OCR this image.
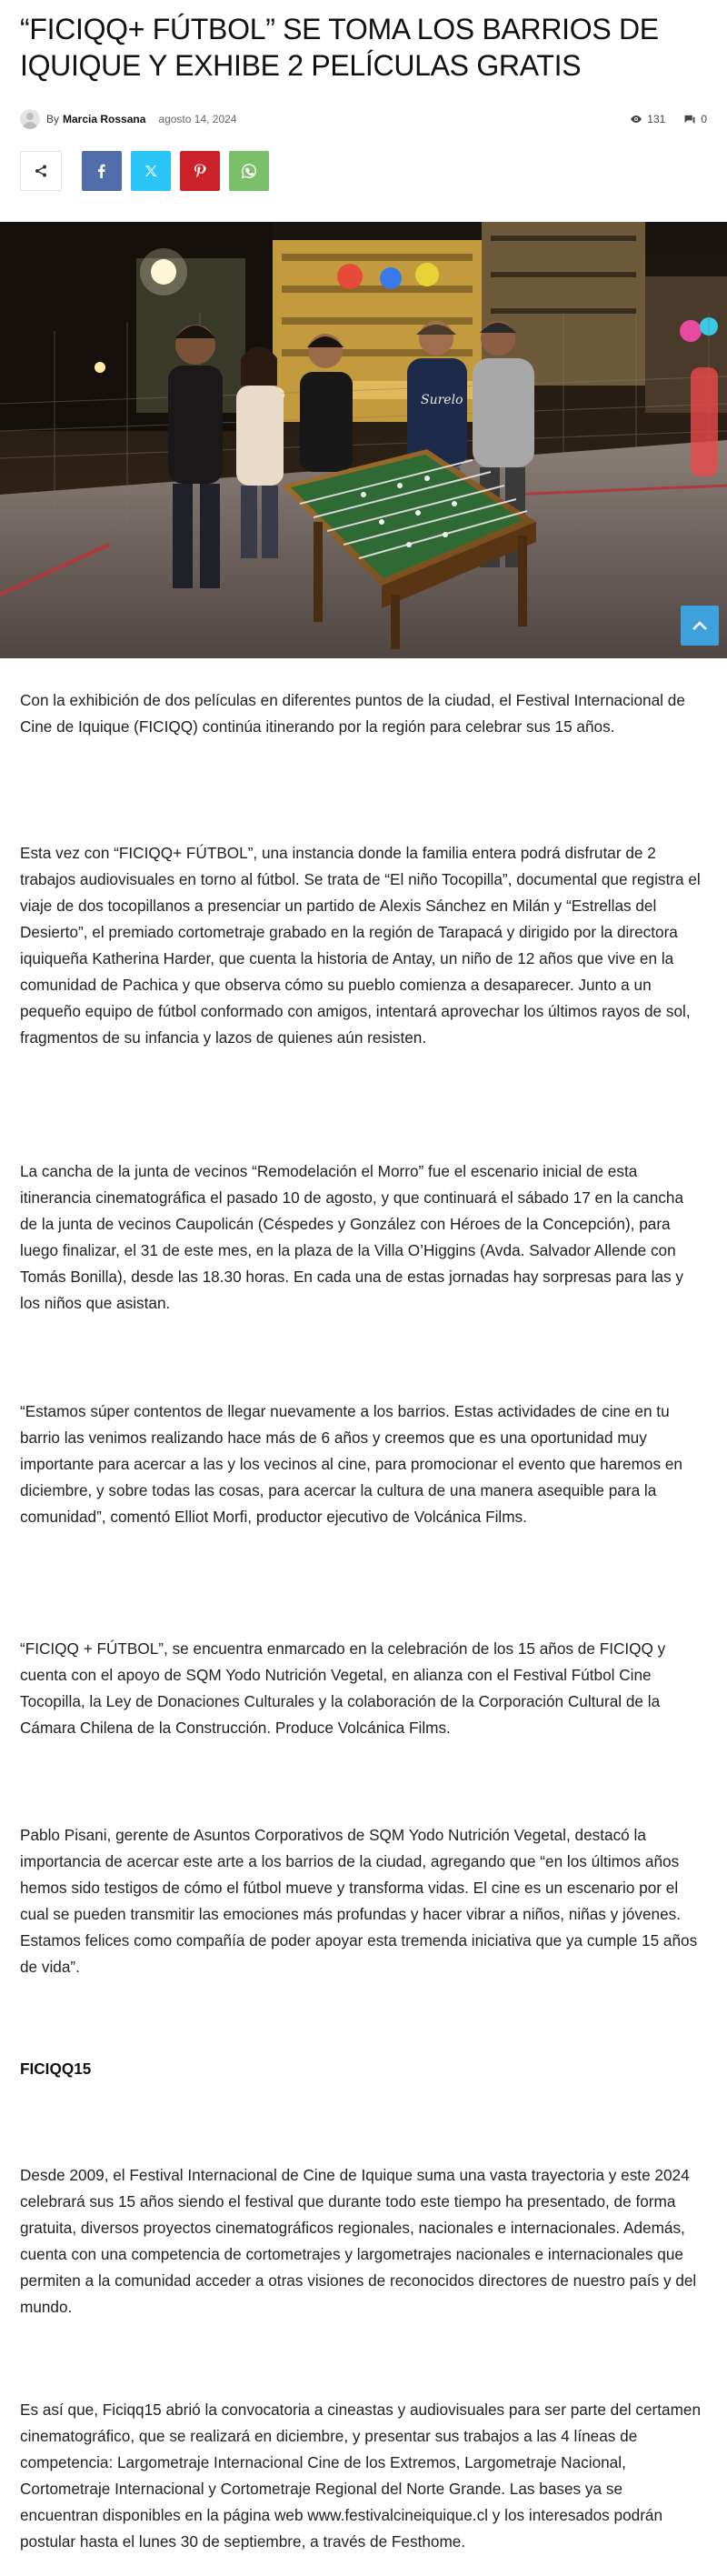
“FICIQQ+ FÚTBOL” SE TOMA LOS BARRIOS DE IQUIQUE Y EXHIBE 2 PELÍCULAS GRATIS
By Marcia Rossana agosto 14, 2024	131	0
Surelo

Con la exhibición de dos películas en diferentes puntos de la ciudad, el Festival Internacional de Cine de Iquique (FICIQQ) continúa itinerando por la región para celebrar sus 15 años.

Esta vez con “FICIQQ+ FÚTBOL”, una instancia donde la familia entera podrá disfrutar de 2 trabajos audiovisuales en torno al fútbol. Se trata de “El niño Tocopilla”, documental que registra el viaje de dos tocopillanos a presenciar un partido de Alexis Sánchez en Milán y “Estrellas del Desierto”, el premiado cortometraje grabado en la región de Tarapacá y dirigido por la directora iquiqueña Katherina Harder, que cuenta la historia de Antay, un niño de 12 años que vive en la comunidad de Pachica y que observa cómo su pueblo comienza a desaparecer. Junto a un pequeño equipo de fútbol conformado con amigos, intentará aprovechar los últimos rayos de sol, fragmentos de su infancia y lazos de quienes aún resisten.

La cancha de la junta de vecinos “Remodelación el Morro” fue el escenario inicial de esta itinerancia cinematográfica el pasado 10 de agosto, y que continuará el sábado 17 en la cancha de la junta de vecinos Caupolicán (Céspedes y González con Héroes de la Concepción), para luego finalizar, el 31 de este mes, en la plaza de la Villa O’Higgins (Avda. Salvador Allende con Tomás Bonilla), desde las 18.30 horas. En cada una de estas jornadas hay sorpresas para las y los niños que asistan.

“Estamos súper contentos de llegar nuevamente a los barrios. Estas actividades de cine en tu barrio las venimos realizando hace más de 6 años y creemos que es una oportunidad muy importante para acercar a las y los vecinos al cine, para promocionar el evento que haremos en diciembre, y sobre todas las cosas, para acercar la cultura de una manera asequible para la comunidad”, comentó Elliot Morfi, productor ejecutivo de Volcánica Films.

“FICIQQ + FÚTBOL”, se encuentra enmarcado en la celebración de los 15 años de FICIQQ y cuenta con el apoyo de SQM Yodo Nutrición Vegetal, en alianza con el Festival Fútbol Cine Tocopilla, la Ley de Donaciones Culturales y la colaboración de la Corporación Cultural de la Cámara Chilena de la Construcción. Produce Volcánica Films.

Pablo Pisani, gerente de Asuntos Corporativos de SQM Yodo Nutrición Vegetal, destacó la importancia de acercar este arte a los barrios de la ciudad, agregando que “en los últimos años hemos sido testigos de cómo el fútbol mueve y transforma vidas. El cine es un escenario por el cual se pueden transmitir las emociones más profundas y hacer vibrar a niños, niñas y jóvenes. Estamos felices como compañía de poder apoyar esta tremenda iniciativa que ya cumple 15 años de vida”.

FICIQQ15

Desde 2009, el Festival Internacional de Cine de Iquique suma una vasta trayectoria y este 2024 celebrará sus 15 años siendo el festival que durante todo este tiempo ha presentado, de forma gratuita, diversos proyectos cinematográficos regionales, nacionales e internacionales. Además, cuenta con una competencia de cortometrajes y largometrajes nacionales e internacionales que permiten a la comunidad acceder a otras visiones de reconocidos directores de nuestro país y del mundo.

Es así que, Ficiqq15 abrió la convocatoria a cineastas y audiovisuales para ser parte del certamen cinematográfico, que se realizará en diciembre, y presentar sus trabajos a las 4 líneas de competencia: Largometraje Internacional Cine de los Extremos, Largometraje Nacional, Cortometraje Internacional y Cortometraje Regional del Norte Grande. Las bases ya se encuentran disponibles en la página web www.festivalcineiquique.cl y los interesados podrán postular hasta el lunes 30 de septiembre, a través de Festhome.
